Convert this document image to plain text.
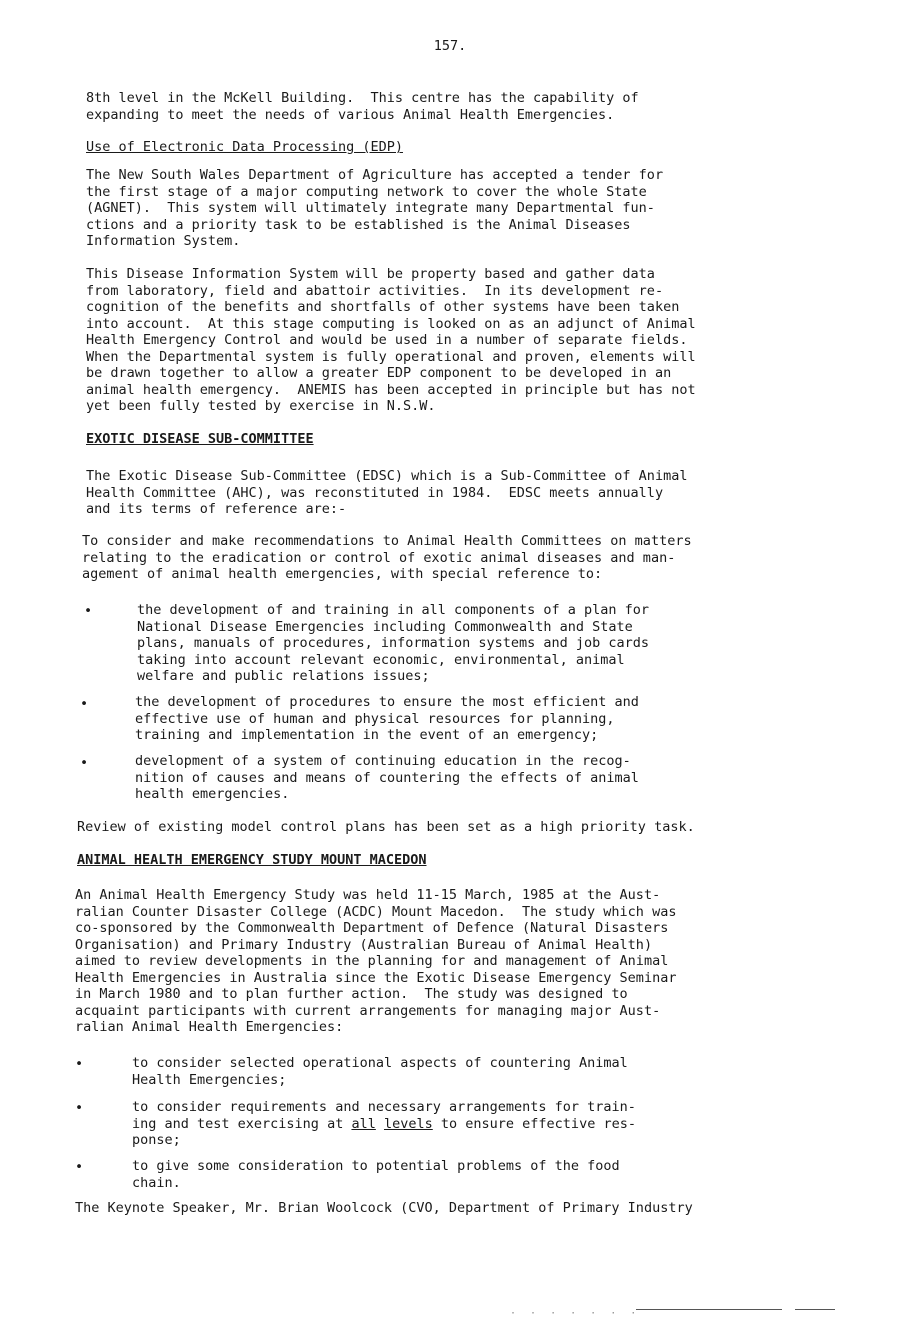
157.
8th level in the McKell Building.  This centre has the capability of
expanding to meet the needs of various Animal Health Emergencies.
Use of Electronic Data Processing (EDP)
The New South Wales Department of Agriculture has accepted a tender for
the first stage of a major computing network to cover the whole State
(AGNET).  This system will ultimately integrate many Departmental fun-
ctions and a priority task to be established is the Animal Diseases
Information System.
This Disease Information System will be property based and gather data
from laboratory, field and abattoir activities.  In its development re-
cognition of the benefits and shortfalls of other systems have been taken
into account.  At this stage computing is looked on as an adjunct of Animal
Health Emergency Control and would be used in a number of separate fields.
When the Departmental system is fully operational and proven, elements will
be drawn together to allow a greater EDP component to be developed in an
animal health emergency.  ANEMIS has been accepted in principle but has not
yet been fully tested by exercise in N.S.W.
EXOTIC DISEASE SUB-COMMITTEE
The Exotic Disease Sub-Committee (EDSC) which is a Sub-Committee of Animal
Health Committee (AHC), was reconstituted in 1984.  EDSC meets annually
and its terms of reference are:-
To consider and make recommendations to Animal Health Committees on matters
relating to the eradication or control of exotic animal diseases and man-
agement of animal health emergencies, with special reference to:
•	the development of and training in all components of a plan for
National Disease Emergencies including Commonwealth and State
plans, manuals of procedures, information systems and job cards
taking into account relevant economic, environmental, animal
welfare and public relations issues;
•	the development of procedures to ensure the most efficient and
effective use of human and physical resources for planning,
training and implementation in the event of an emergency;
•	development of a system of continuing education in the recog-
nition of causes and means of countering the effects of animal
health emergencies.
Review of existing model control plans has been set as a high priority task.
ANIMAL HEALTH EMERGENCY STUDY MOUNT MACEDON
An Animal Health Emergency Study was held 11-15 March, 1985 at the Aust-
ralian Counter Disaster College (ACDC) Mount Macedon.  The study which was
co-sponsored by the Commonwealth Department of Defence (Natural Disasters
Organisation) and Primary Industry (Australian Bureau of Animal Health)
aimed to review developments in the planning for and management of Animal
Health Emergencies in Australia since the Exotic Disease Emergency Seminar
in March 1980 and to plan further action.  The study was designed to
acquaint participants with current arrangements for managing major Aust-
ralian Animal Health Emergencies:
•	to consider selected operational aspects of countering Animal
Health Emergencies;
•	to consider requirements and necessary arrangements for train-
ing and test exercising at all levels to ensure effective res-
ponse;
•	to give some consideration to potential problems of the food
chain.
The Keynote Speaker, Mr. Brian Woolcock (CVO, Department of Primary Industry
· · · · · · ·
